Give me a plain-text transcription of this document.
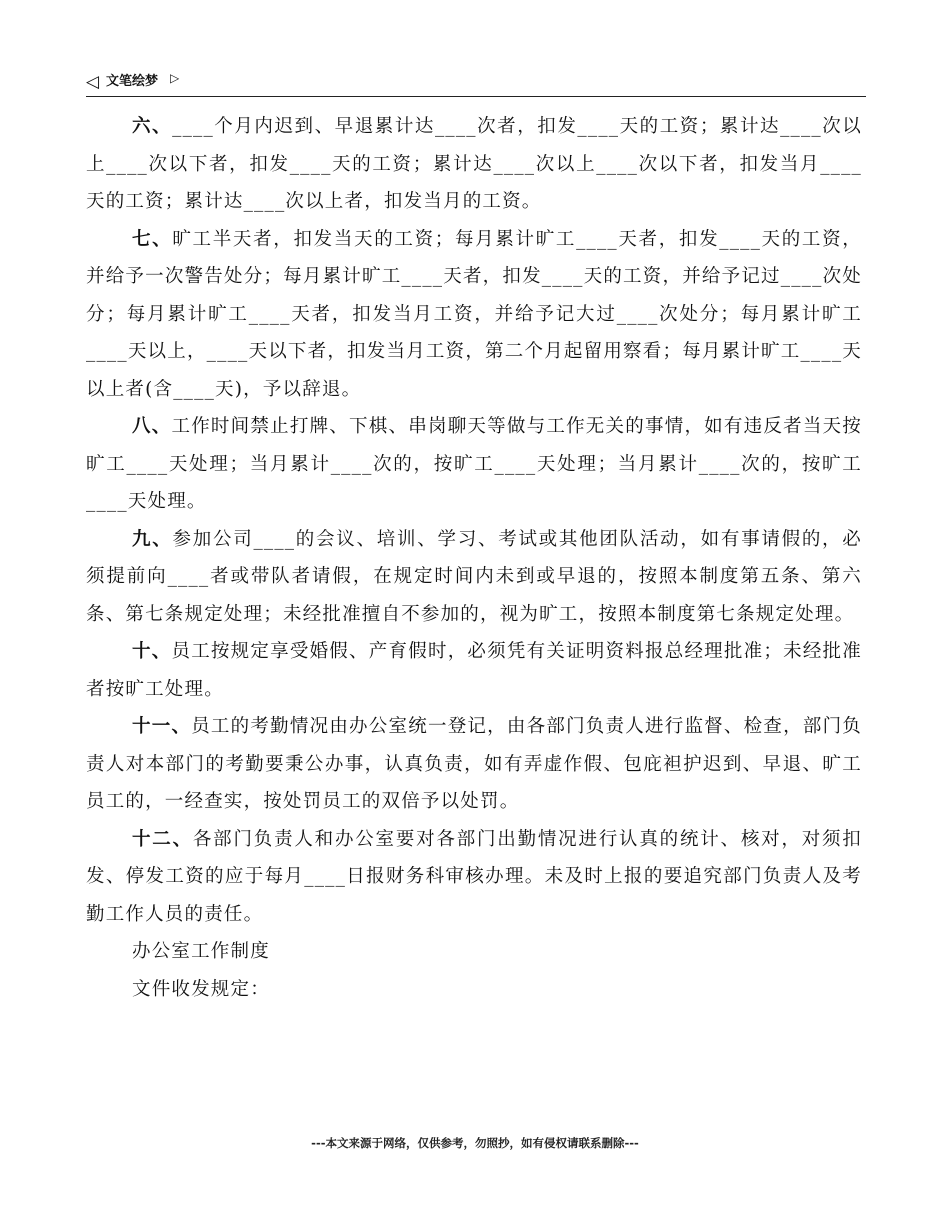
◁ 文笔绘梦 ▷

六、____个月内迟到、早退累计达____次者，扣发____天的工资；累计达____次以上____次以下者，扣发____天的工资；累计达____次以上____次以下者，扣发当月____天的工资；累计达____次以上者，扣发当月的工资。

七、旷工半天者，扣发当天的工资；每月累计旷工____天者，扣发____天的工资，并给予一次警告处分；每月累计旷工____天者，扣发____天的工资，并给予记过____次处分；每月累计旷工____天者，扣发当月工资，并给予记大过____次处分；每月累计旷工____天以上，____天以下者，扣发当月工资，第二个月起留用察看；每月累计旷工____天以上者(含____天)，予以辞退。

八、工作时间禁止打牌、下棋、串岗聊天等做与工作无关的事情，如有违反者当天按旷工____天处理；当月累计____次的，按旷工____天处理；当月累计____次的，按旷工____天处理。

九、参加公司____的会议、培训、学习、考试或其他团队活动，如有事请假的，必须提前向____者或带队者请假，在规定时间内未到或早退的，按照本制度第五条、第六条、第七条规定处理；未经批准擅自不参加的，视为旷工，按照本制度第七条规定处理。

十、员工按规定享受婚假、产育假时，必须凭有关证明资料报总经理批准；未经批准者按旷工处理。

十一、员工的考勤情况由办公室统一登记，由各部门负责人进行监督、检查，部门负责人对本部门的考勤要秉公办事，认真负责，如有弄虚作假、包庇袒护迟到、早退、旷工员工的，一经查实，按处罚员工的双倍予以处罚。

十二、各部门负责人和办公室要对各部门出勤情况进行认真的统计、核对，对须扣发、停发工资的应于每月____日报财务科审核办理。未及时上报的要追究部门负责人及考勤工作人员的责任。

办公室工作制度

文件收发规定：

---本文来源于网络，仅供参考，勿照抄，如有侵权请联系删除---
